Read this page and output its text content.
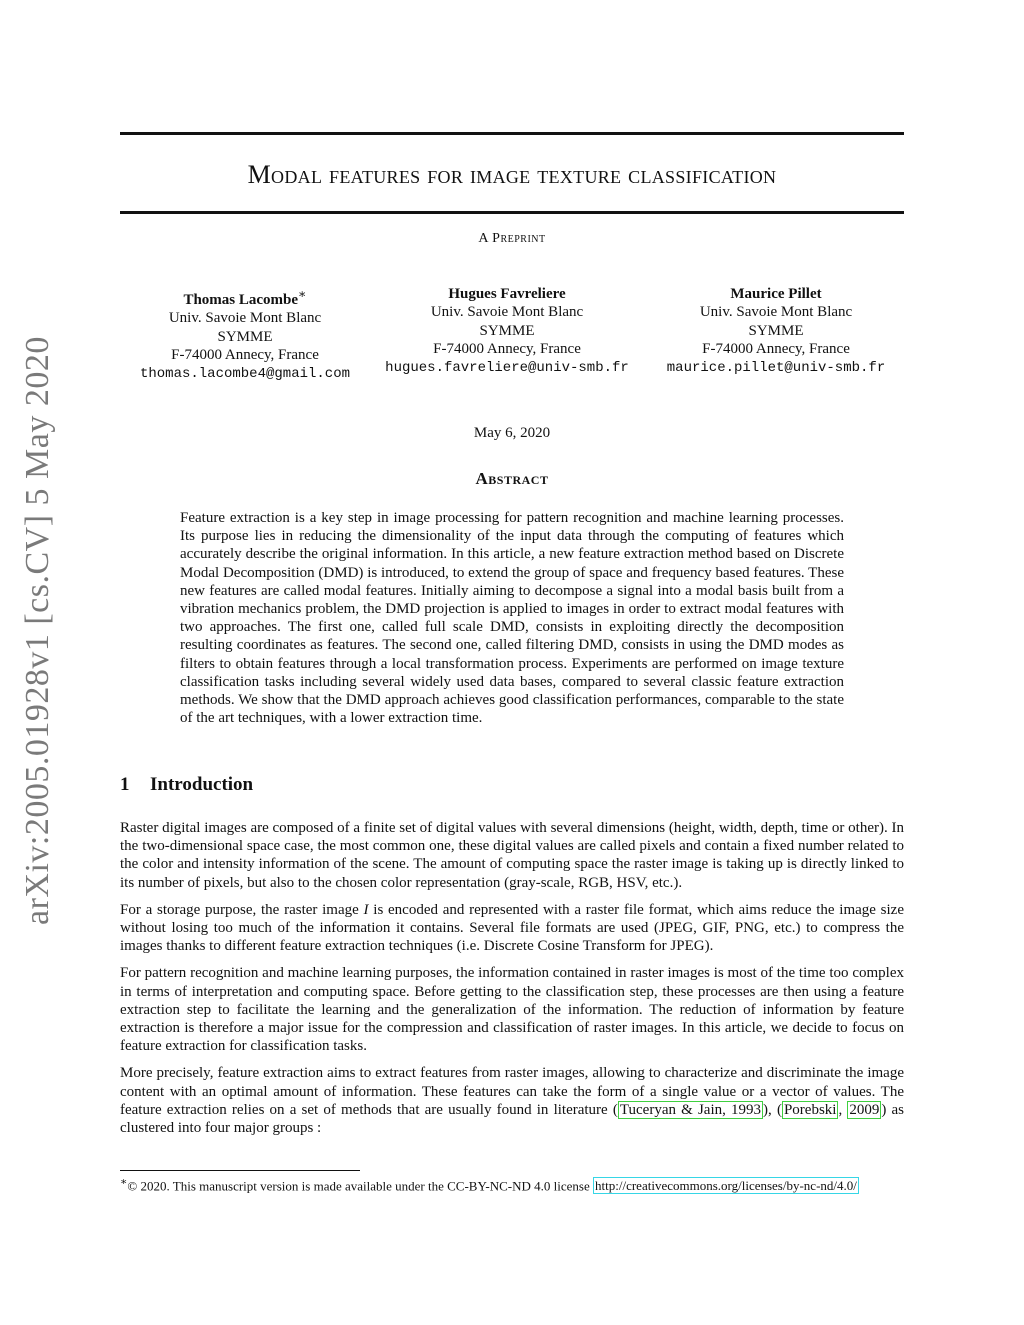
arXiv:2005.01928v1 [cs.CV] 5 May 2020
Modal features for image texture classification
A Preprint
Thomas Lacombe∗
Univ. Savoie Mont Blanc
SYMME
F-74000 Annecy, France
thomas.lacombe4@gmail.com
Hugues Favreliere
Univ. Savoie Mont Blanc
SYMME
F-74000 Annecy, France
hugues.favreliere@univ-smb.fr
Maurice Pillet
Univ. Savoie Mont Blanc
SYMME
F-74000 Annecy, France
maurice.pillet@univ-smb.fr
May 6, 2020
Abstract
Feature extraction is a key step in image processing for pattern recognition and machine learning processes. Its purpose lies in reducing the dimensionality of the input data through the computing of features which accurately describe the original information. In this article, a new feature extraction method based on Discrete Modal Decomposition (DMD) is introduced, to extend the group of space and frequency based features. These new features are called modal features. Initially aiming to decompose a signal into a modal basis built from a vibration mechanics problem, the DMD projection is applied to images in order to extract modal features with two approaches. The first one, called full scale DMD, consists in exploiting directly the decomposition resulting coordinates as features. The second one, called filtering DMD, consists in using the DMD modes as filters to obtain features through a local transformation process. Experiments are performed on image texture classification tasks including several widely used data bases, compared to several classic feature extraction methods. We show that the DMD approach achieves good classification performances, comparable to the state of the art techniques, with a lower extraction time.
1 Introduction

Raster digital images are composed of a finite set of digital values with several dimensions (height, width, depth, time or other). In the two-dimensional space case, the most common one, these digital values are called pixels and contain a fixed number related to the color and intensity information of the scene. The amount of computing space the raster image is taking up is directly linked to its number of pixels, but also to the chosen color representation (gray-scale, RGB, HSV, etc.).

For a storage purpose, the raster image I is encoded and represented with a raster file format, which aims reduce the image size without losing too much of the information it contains. Several file formats are used (JPEG, GIF, PNG, etc.) to compress the images thanks to different feature extraction techniques (i.e. Discrete Cosine Transform for JPEG).

For pattern recognition and machine learning purposes, the information contained in raster images is most of the time too complex in terms of interpretation and computing space. Before getting to the classification step, these processes are then using a feature extraction step to facilitate the learning and the generalization of the information. The reduction of information by feature extraction is therefore a major issue for the compression and classification of raster images. In this article, we decide to focus on feature extraction for classification tasks.

More precisely, feature extraction aims to extract features from raster images, allowing to characterize and discriminate the image content with an optimal amount of information. These features can take the form of a single value or a vector of values. The feature extraction relies on a set of methods that are usually found in literature ( Tuceryan & Jain, 1993 ), ( Porebski , 2009 ) as clustered into four major groups :

∗© 2020. This manuscript version is made available under the CC-BY-NC-ND 4.0 license http://creativecommons.org/licenses/by-nc-nd/4.0/
